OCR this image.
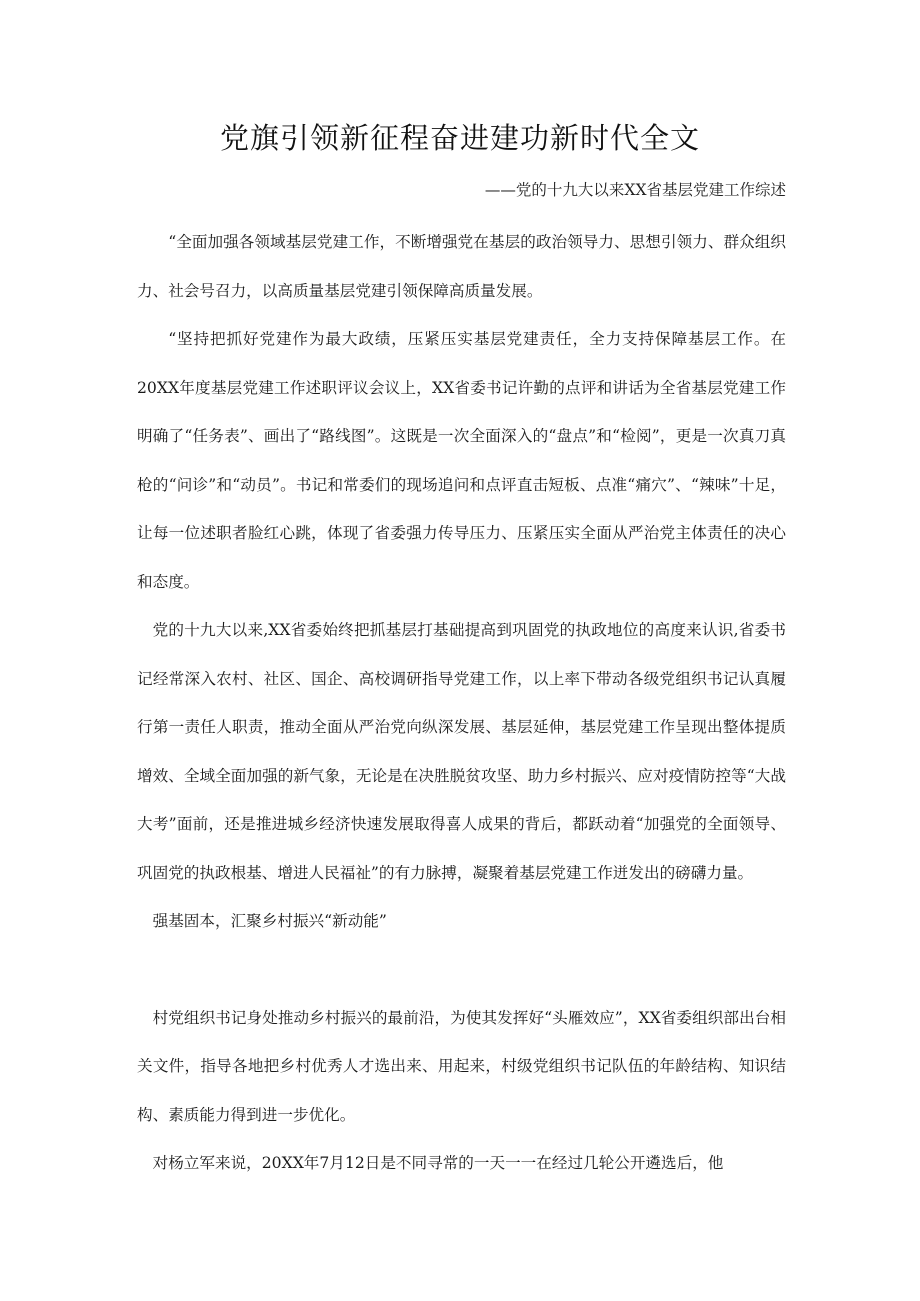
党旗引领新征程奋进建功新时代全文
——党的十九大以来XX省基层党建工作综述

“全面加强各领域基层党建工作，不断增强党在基层的政治领导力、思想引领力、群众组织力、社会号召力，以高质量基层党建引领保障高质量发展。

“坚持把抓好党建作为最大政绩，压紧压实基层党建责任，全力支持保障基层工作。在20XX年度基层党建工作述职评议会议上，XX省委书记许勤的点评和讲话为全省基层党建工作明确了“任务表”、画出了“路线图”。这既是一次全面深入的“盘点”和“检阅”，更是一次真刀真枪的“问诊”和“动员”。书记和常委们的现场追问和点评直击短板、点准“痛穴”、“辣味”十足，让每一位述职者脸红心跳，体现了省委强力传导压力、压紧压实全面从严治党主体责任的决心和态度。

党的十九大以来,XX省委始终把抓基层打基础提高到巩固党的执政地位的高度来认识,省委书记经常深入农村、社区、国企、高校调研指导党建工作，以上率下带动各级党组织书记认真履行第一责任人职责，推动全面从严治党向纵深发展、基层延伸，基层党建工作呈现出整体提质增效、全域全面加强的新气象，无论是在决胜脱贫攻坚、助力乡村振兴、应对疫情防控等“大战大考”面前，还是推进城乡经济快速发展取得喜人成果的背后，都跃动着“加强党的全面领导、巩固党的执政根基、增进人民福祉”的有力脉搏，凝聚着基层党建工作迸发出的磅礴力量。

强基固本，汇聚乡村振兴“新动能”

村党组织书记身处推动乡村振兴的最前沿，为使其发挥好“头雁效应”，XX省委组织部出台相关文件，指导各地把乡村优秀人才选出来、用起来，村级党组织书记队伍的年龄结构、知识结构、素质能力得到进一步优化。

对杨立军来说，20XX年7月12日是不同寻常的一天一一在经过几轮公开遴选后，他
